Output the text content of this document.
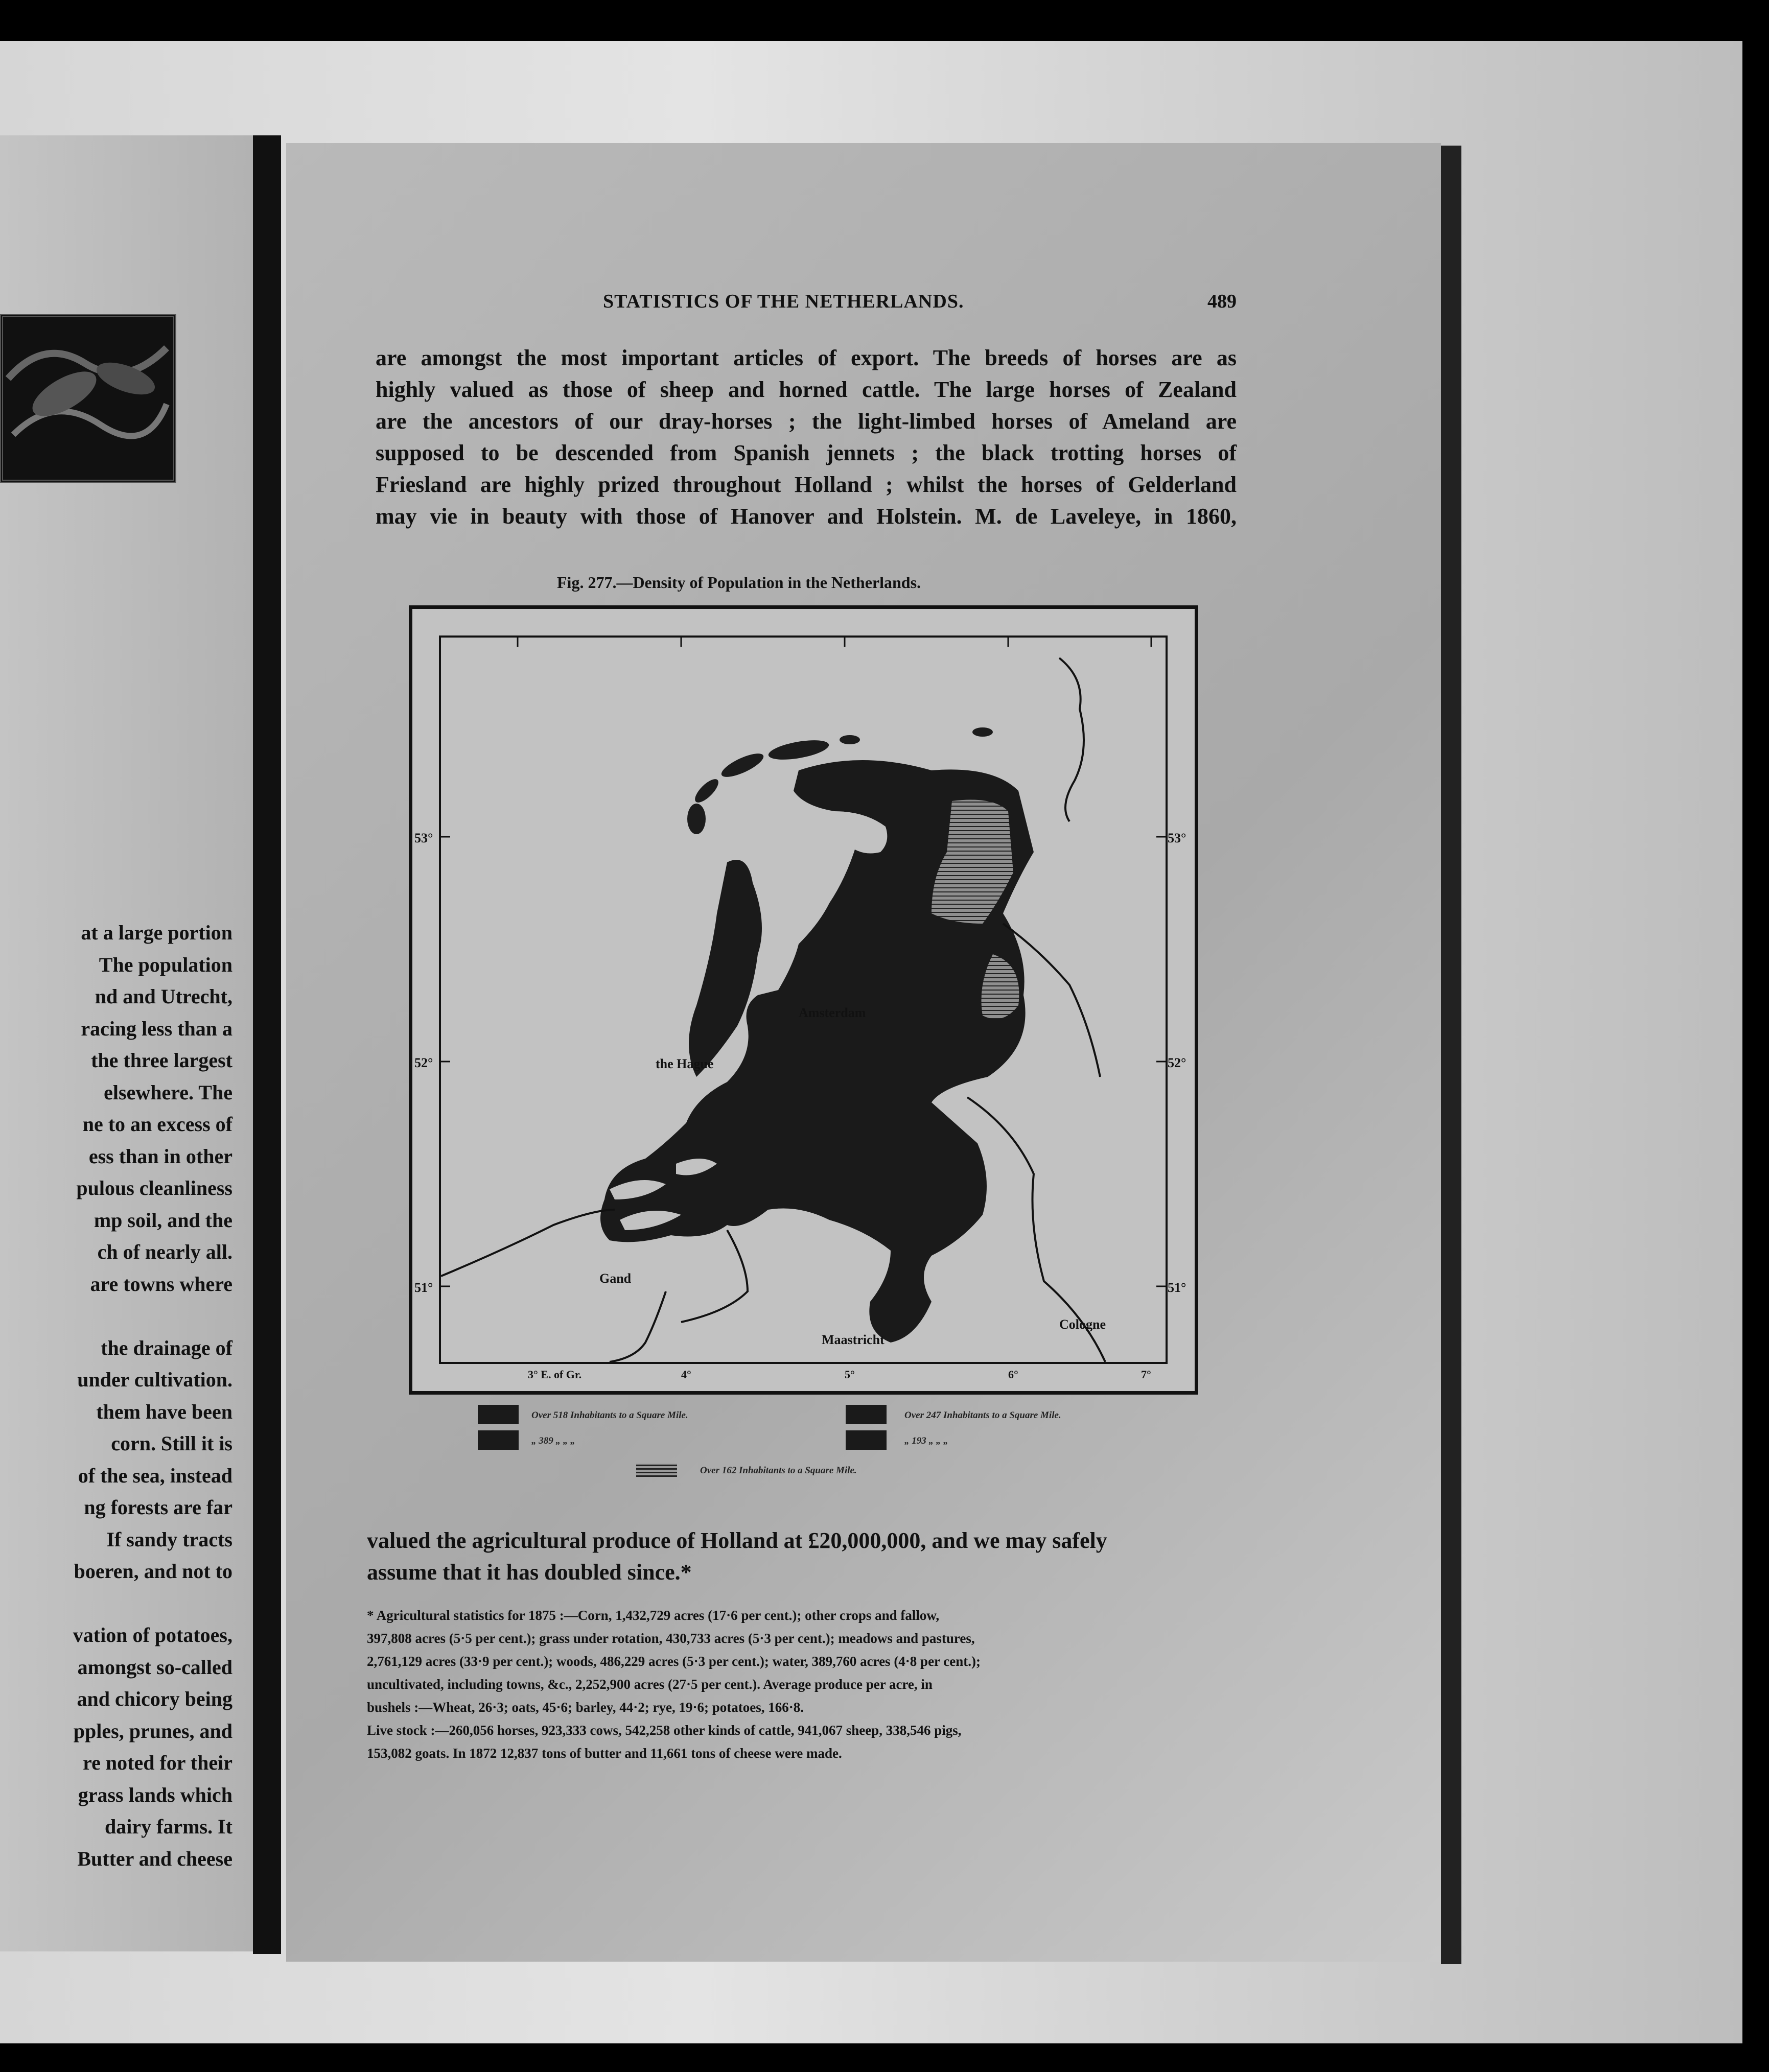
at a large portion
The population
nd and Utrecht,
racing less than a
the three largest
elsewhere. The
ne to an excess of
ess than in other
pulous cleanliness
mp soil, and the
ch of nearly all.
are towns where

the drainage of
under cultivation.
them have been
corn. Still it is
of the sea, instead
ng forests are far
If sandy tracts
boeren, and not to

vation of potatoes,
amongst so-called
and chicory being
pples, prunes, and
re noted for their
grass lands which
dairy farms. It
Butter and cheese
STATISTICS OF THE NETHERLANDS.	489
are amongst the most important articles of export. The breeds of horses are as
highly valued as those of sheep and horned cattle. The large horses of Zealand
are the ancestors of our dray-horses ; the light-limbed horses of Ameland are
supposed to be descended from Spanish jennets ; the black trotting horses of
Friesland are highly prized throughout Holland ; whilst the horses of Gelderland
may vie in beauty with those of Hanover and Holstein. M. de Laveleye, in 1860,
Fig. 277.—Density of Population in the Netherlands.
53°	53°
52°	52°
51°	51°
3° E. of Gr.	4°	5°	6°	7°
Amsterdam
the Hague
Gand
Maastricht
Cologne
Over 518 Inhabitants to a Square Mile.
„ 389 „ „ „
Over 247 Inhabitants to a Square Mile.
„ 193 „ „ „
Over 162 Inhabitants to a Square Mile.
valued the agricultural produce of Holland at £20,000,000, and we may safely
assume that it has doubled since.*
* Agricultural statistics for 1875 :—Corn, 1,432,729 acres (17·6 per cent.); other crops and fallow,
397,808 acres (5·5 per cent.); grass under rotation, 430,733 acres (5·3 per cent.); meadows and pastures,
2,761,129 acres (33·9 per cent.); woods, 486,229 acres (5·3 per cent.); water, 389,760 acres (4·8 per cent.);
uncultivated, including towns, &c., 2,252,900 acres (27·5 per cent.). Average produce per acre, in
bushels :—Wheat, 26·3; oats, 45·6; barley, 44·2; rye, 19·6; potatoes, 166·8.
Live stock :—260,056 horses, 923,333 cows, 542,258 other kinds of cattle, 941,067 sheep, 338,546 pigs,
153,082 goats. In 1872 12,837 tons of butter and 11,661 tons of cheese were made.
